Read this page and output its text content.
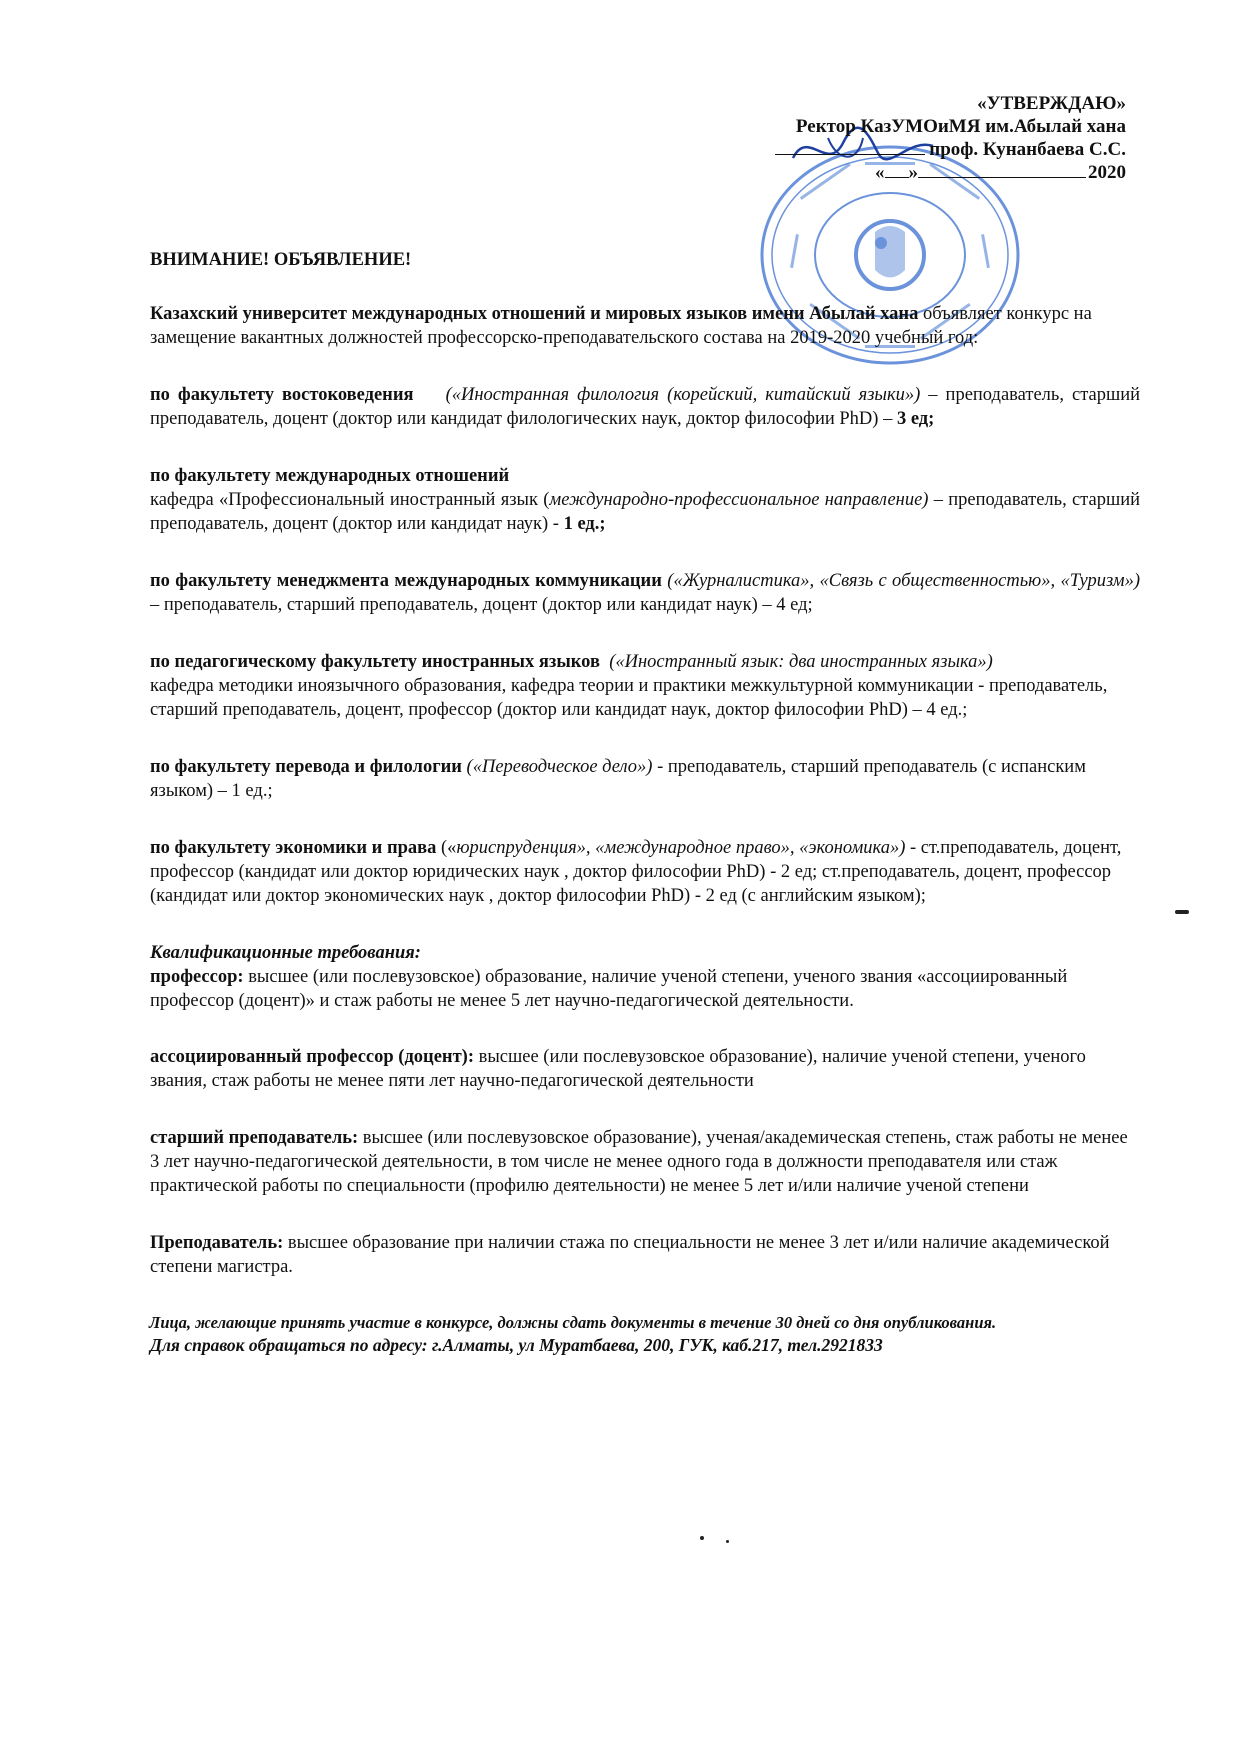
«УТВЕРЖДАЮ»
Ректор КазУМОиМЯ им.Абылай хана
проф. Кунанбаева С.С.
« »	2020
ВНИМАНИЕ! ОБЪЯВЛЕНИЕ!
Казахский университет международных отношений и мировых языков имени Абылай хана объявляет конкурс на замещение вакантных должностей профессорско-преподавательского состава на 2019-2020 учебный год:
по факультету востоковедения («Иностранная филология (корейский, китайский языки») – преподаватель, старший преподаватель, доцент (доктор или кандидат филологических наук, доктор философии PhD) – 3 ед;
по факультету международных отношений
кафедра «Профессиональный иностранный язык (международно-профессиональное направление) – преподаватель, старший преподаватель, доцент (доктор или кандидат наук) - 1 ед.;
по факультету менеджмента международных коммуникации («Журналистика», «Связь с общественностью», «Туризм») – преподаватель, старший преподаватель, доцент (доктор или кандидат наук) – 4 ед;
по педагогическому факультету иностранных языков («Иностранный язык: два иностранных языка»)
кафедра методики иноязычного образования, кафедра теории и практики межкультурной коммуникации - преподаватель, старший преподаватель, доцент, профессор (доктор или кандидат наук, доктор философии PhD) – 4 ед.;
по факультету перевода и филологии («Переводческое дело») - преподаватель, старший преподаватель (с испанским языком) – 1 ед.;
по факультету экономики и права («юриспруденция», «международное право», «экономика») - ст.преподаватель, доцент, профессор (кандидат или доктор юридических наук , доктор философии PhD) - 2 ед; ст.преподаватель, доцент, профессор (кандидат или доктор экономических наук , доктор философии PhD) - 2 ед (с английским языком);
Квалификационные требования:
профессор: высшее (или послевузовское) образование, наличие ученой степени, ученого звания «ассоциированный профессор (доцент)» и стаж работы не менее 5 лет научно-педагогической деятельности.
ассоциированный профессор (доцент): высшее (или послевузовское образование), наличие ученой степени, ученого звания, стаж работы не менее пяти лет научно-педагогической деятельности
старший преподаватель: высшее (или послевузовское образование), ученая/академическая степень, стаж работы не менее 3 лет научно-педагогической деятельности, в том числе не менее одного года в должности преподавателя или стаж практической работы по специальности (профилю деятельности) не менее 5 лет и/или наличие ученой степени
Преподаватель: высшее образование при наличии стажа по специальности не менее 3 лет и/или наличие академической степени магистра.
Лица, желающие принять участие в конкурсе, должны сдать документы в течение 30 дней со дня опубликования.
Для справок обращаться по адресу: г.Алматы, ул Муратбаева, 200, ГУК, каб.217, тел.2921833
